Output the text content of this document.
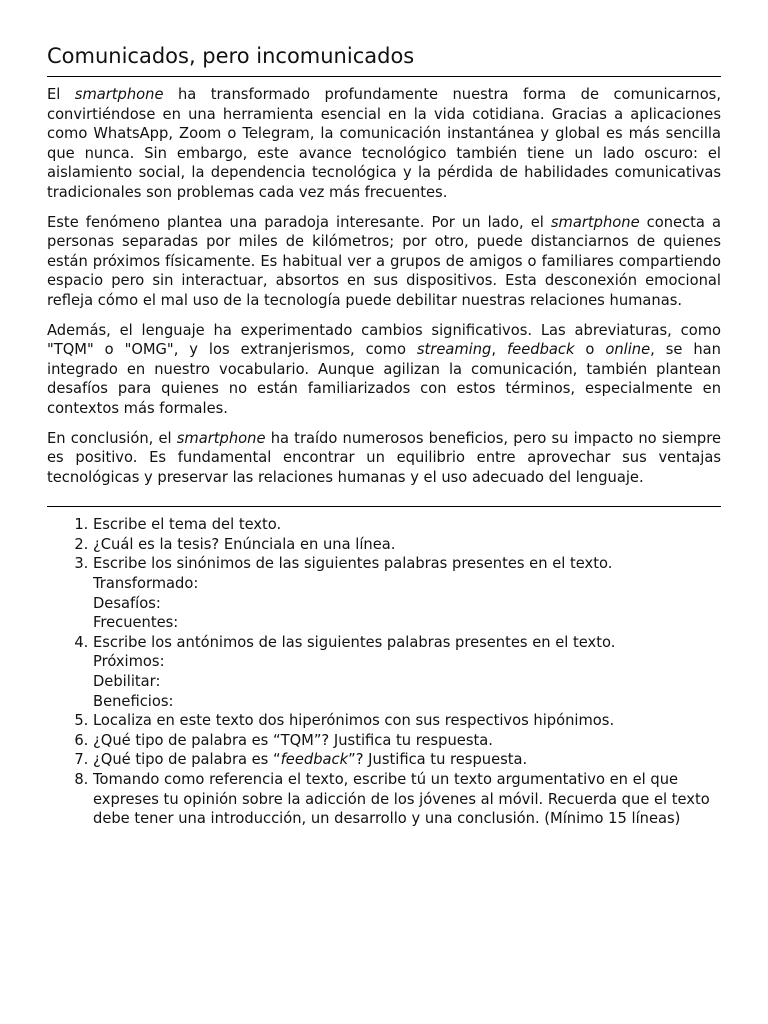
Comunicados, pero incomunicados

El smartphone ha transformado profundamente nuestra forma de comunicarnos, convirtiéndose en una herramienta esencial en la vida cotidiana. Gracias a aplicaciones como WhatsApp, Zoom o Telegram, la comunicación instantánea y global es más sencilla que nunca. Sin embargo, este avance tecnológico también tiene un lado oscuro: el aislamiento social, la dependencia tecnológica y la pérdida de habilidades comunicativas tradicionales son problemas cada vez más frecuentes.

Este fenómeno plantea una paradoja interesante. Por un lado, el smartphone conecta a personas separadas por miles de kilómetros; por otro, puede distanciarnos de quienes están próximos físicamente. Es habitual ver a grupos de amigos o familiares compartiendo espacio pero sin interactuar, absortos en sus dispositivos. Esta desconexión emocional refleja cómo el mal uso de la tecnología puede debilitar nuestras relaciones humanas.

Además, el lenguaje ha experimentado cambios significativos. Las abreviaturas, como "TQM" o "OMG", y los extranjerismos, como streaming, feedback o online, se han integrado en nuestro vocabulario. Aunque agilizan la comunicación, también plantean desafíos para quienes no están familiarizados con estos términos, especialmente en contextos más formales.

En conclusión, el smartphone ha traído numerosos beneficios, pero su impacto no siempre es positivo. Es fundamental encontrar un equilibrio entre aprovechar sus ventajas tecnológicas y preservar las relaciones humanas y el uso adecuado del lenguaje.

1. Escribe el tema del texto.
2. ¿Cuál es la tesis? Enúnciala en una línea.
3. Escribe los sinónimos de las siguientes palabras presentes en el texto.
Transformado:
Desafíos:
Frecuentes:
4. Escribe los antónimos de las siguientes palabras presentes en el texto.
Próximos:
Debilitar:
Beneficios:
5. Localiza en este texto dos hiperónimos con sus respectivos hipónimos.
6. ¿Qué tipo de palabra es “TQM”? Justifica tu respuesta.
7. ¿Qué tipo de palabra es “feedback”? Justifica tu respuesta.
8. Tomando como referencia el texto, escribe tú un texto argumentativo en el que expreses tu opinión sobre la adicción de los jóvenes al móvil. Recuerda que el texto debe tener una introducción, un desarrollo y una conclusión. (Mínimo 15 líneas)
